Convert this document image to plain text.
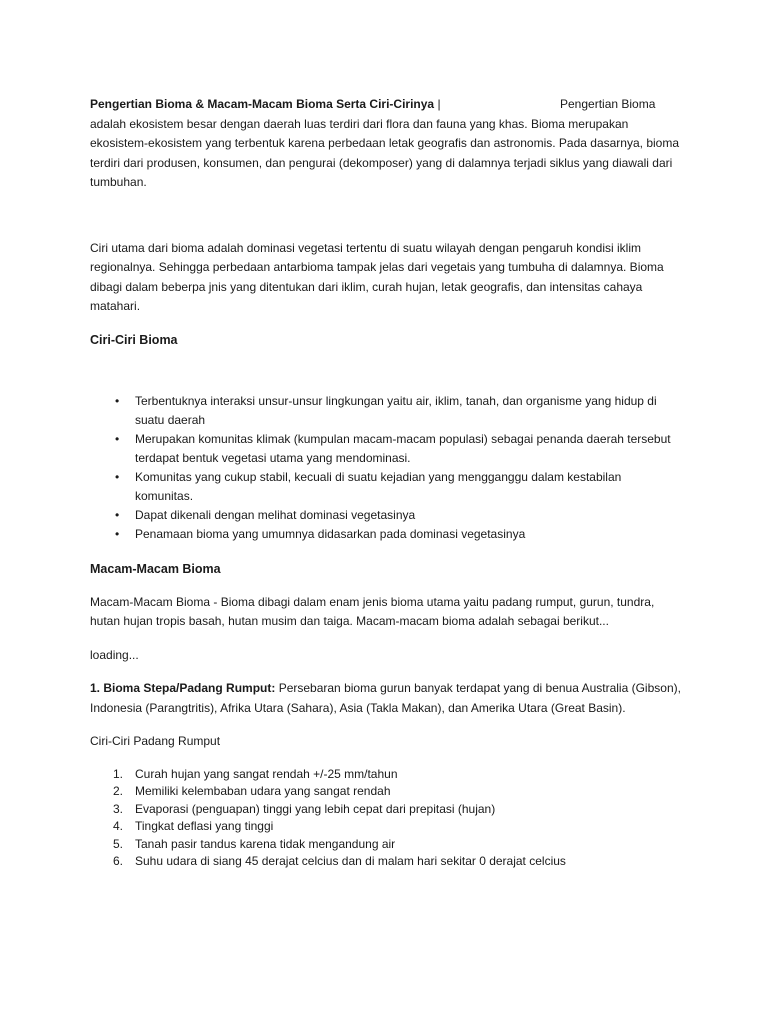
Pengertian Bioma & Macam-Macam Bioma Serta Ciri-Cirinya |	Pengertian Bioma

adalah ekosistem besar dengan daerah luas terdiri dari flora dan fauna yang khas. Bioma merupakan ekosistem-ekosistem yang terbentuk karena perbedaan letak geografis dan astronomis. Pada dasarnya, bioma terdiri dari produsen, konsumen, dan pengurai (dekomposer) yang di dalamnya terjadi siklus yang diawali dari tumbuhan.

Ciri utama dari bioma adalah dominasi vegetasi tertentu di suatu wilayah dengan pengaruh kondisi iklim regionalnya. Sehingga perbedaan antarbioma tampak jelas dari vegetais yang tumbuha di dalamnya. Bioma dibagi dalam beberpa jnis yang ditentukan dari iklim, curah hujan, letak geografis, dan intensitas cahaya matahari.

Ciri-Ciri Bioma

• Terbentuknya interaksi unsur-unsur lingkungan yaitu air, iklim, tanah, dan organisme yang hidup di suatu daerah
• Merupakan komunitas klimak (kumpulan macam-macam populasi) sebagai penanda daerah tersebut terdapat bentuk vegetasi utama yang mendominasi.
• Komunitas yang cukup stabil, kecuali di suatu kejadian yang mengganggu dalam kestabilan komunitas.
• Dapat dikenali dengan melihat dominasi vegetasinya
• Penamaan bioma yang umumnya didasarkan pada dominasi vegetasinya

Macam-Macam Bioma

Macam-Macam Bioma - Bioma dibagi dalam enam jenis bioma utama yaitu padang rumput, gurun, tundra, hutan hujan tropis basah, hutan musim dan taiga. Macam-macam bioma adalah sebagai berikut...

loading...

1. Bioma Stepa/Padang Rumput: Persebaran bioma gurun banyak terdapat yang di benua Australia (Gibson), Indonesia (Parangtritis), Afrika Utara (Sahara), Asia (Takla Makan), dan Amerika Utara (Great Basin).

Ciri-Ciri Padang Rumput

1. Curah hujan yang sangat rendah +/-25 mm/tahun
2. Memiliki kelembaban udara yang sangat rendah
3. Evaporasi (penguapan) tinggi yang lebih cepat dari prepitasi (hujan)
4. Tingkat deflasi yang tinggi
5. Tanah pasir tandus karena tidak mengandung air
6. Suhu udara di siang 45 derajat celcius dan di malam hari sekitar 0 derajat celcius
